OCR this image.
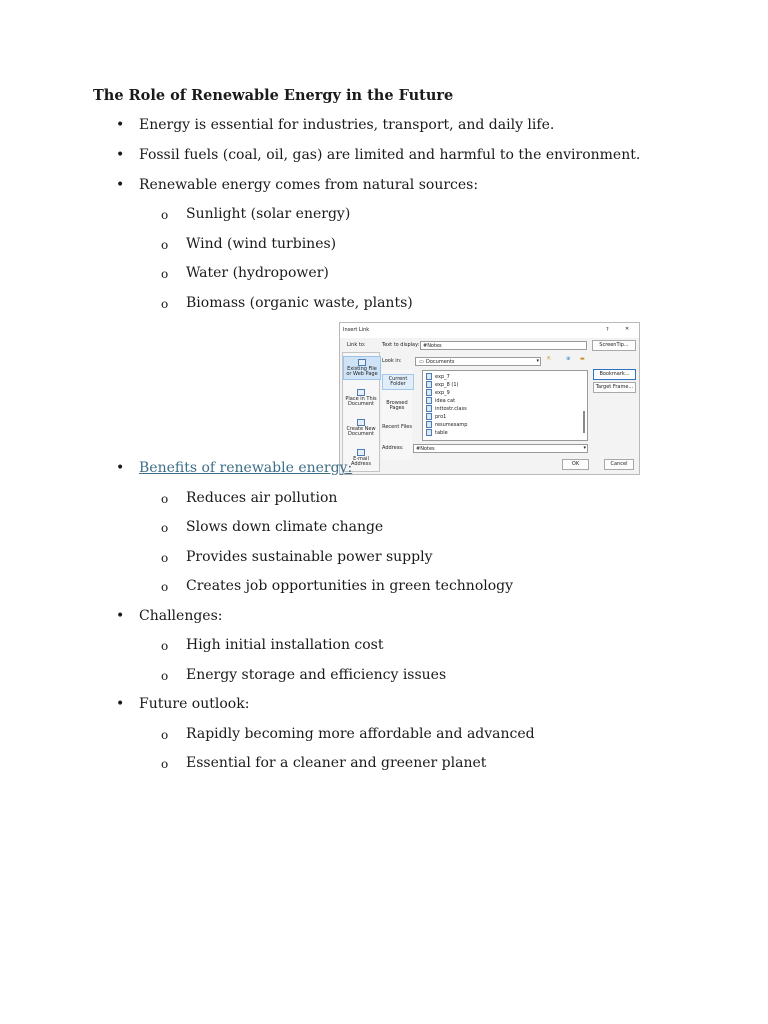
The Role of Renewable Energy in the Future
• Energy is essential for industries, transport, and daily life.
• Fossil fuels (coal, oil, gas) are limited and harmful to the environment.
• Renewable energy comes from natural sources:
o Sunlight (solar energy)
o Wind (wind turbines)
o Water (hydropower)
o Biomass (organic waste, plants)
Insert Link	?	✕
Link to:	Text to display: #Notes	ScreenTip...
Look in:	▭ Documents	▾ ⇱	⊕ ▬
Existing File or Web Page
Place in This Document
Create New Document
E-mail Address
Current Folder
Browsed Pages
Recent Files
exp_7
exp_8 (1)
exp_9
idea cat
inttostr.class
pro1
resumesamp
table
Bookmark...
Target Frame...
Address: #Notes	▾
OK	Cancel
• Benefits of renewable energy:
o Reduces air pollution
o Slows down climate change
o Provides sustainable power supply
o Creates job opportunities in green technology
• Challenges:
o High initial installation cost
o Energy storage and efficiency issues
• Future outlook:
o Rapidly becoming more affordable and advanced
o Essential for a cleaner and greener planet
